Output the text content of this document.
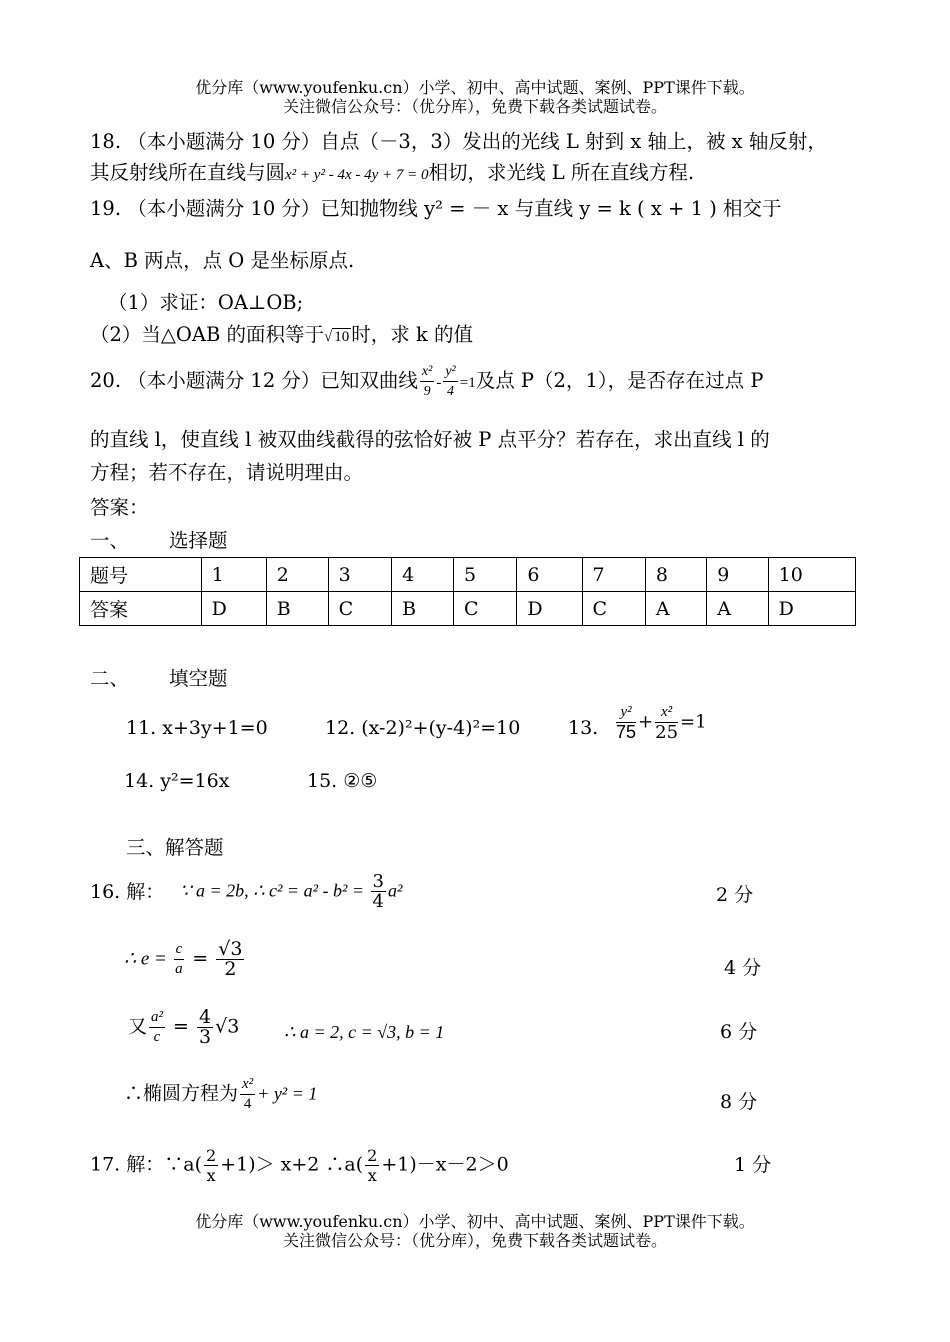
优分库（www.youfenku.cn）小学、初中、高中试题、案例、PPT课件下载。
关注微信公众号：（优分库），免费下载各类试题试卷。
18. （本小题满分 10 分）自点（－3，3）发出的光线 L 射到 x 轴上，被 x 轴反射，
其反射线所在直线与圆x² + y² - 4x - 4y + 7 = 0相切，求光线 L 所在直线方程.
19. （本小题满分 10 分）已知抛物线 y² = － x 与直线 y = k ( x + 1 ) 相交于
A、B 两点，点 O 是坐标原点.
（1）求证：OA⊥OB;
（2）当△OAB 的面积等于√ 10 时，求 k 的值
20. （本小题满分 12 分）已知双曲线 $\frac{\text{x²}}{9} - \frac{\text{y²}}{4} =1$及点 P（2，1），是否存在过点 P
的直线 l，使直线 l 被双曲线截得的弦恰好被 P 点平分？若存在，求出直线 l 的
方程；若不存在，请说明理由。
答案：
一、 选择题
题号	1	2	3	4	5	6	7	8	9	10
答案	D	B	C	B	C	D	C	A	A	D
二、 填空题
11. x+3y+1=0	12. (x-2)²+(y-4)²=10	13. $\frac{\text{y²}}{75} + \frac{\text{x²}}{25} =1$
14. y²=16x	15. ②⑤
三、解答题
16. 解： ∵ a = 2b, ∴ $c^2 = a^2 - b^2 = \frac{3}{4} a^2$	2 分
∴ $e = \frac{c}{a} = \frac{√3}{2}$	4 分
又 $\frac{\text{a²}}{c} = \frac{4}{3} √3$ ∴ a = 2, c = √3, b = 1	6 分
∴椭圆方程为 $\frac{\text{x²}}{4} + y^2 = 1$	8 分
17. 解：∵a( $\frac{2}{x} +1)> x+2$ ∴a( $\frac{2}{x} +1)-x-2>0$	1 分
优分库（www.youfenku.cn）小学、初中、高中试题、案例、PPT课件下载。
关注微信公众号：（优分库），免费下载各类试题试卷。
